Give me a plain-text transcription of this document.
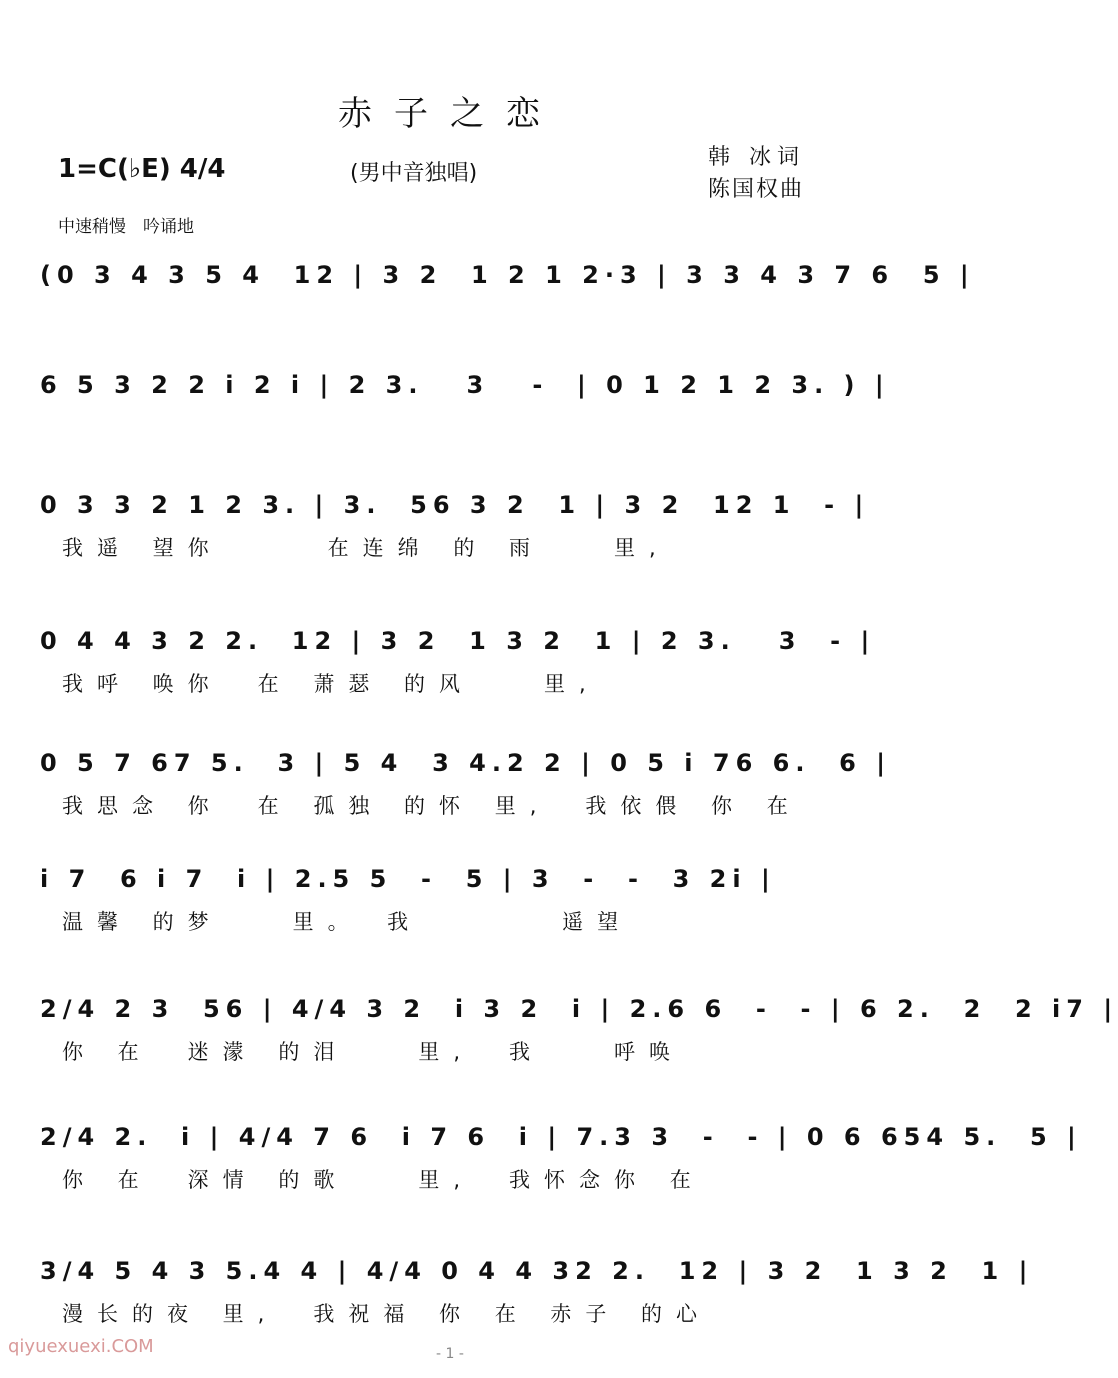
赤子之恋
1=C(♭E) 4/4	(男中音独唱)
韩 冰词
陈国权曲
中速稍慢　吟诵地
(0 3 4 3 5 4  12 | 3 2  1 2 1 2·3 | 3 3 4 3 7 6  5 |
6 5 3 2 2 i 2 i | 2 3.   3   -  | 0 1 2 1 2 3. ) |
0 3 3 2 1 2 3. | 3.  56 3 2  1 | 3 2  12 1  - |
我遥 望你　　　在连绵 的 雨　　里,
0 4 4 3 2 2.  12 | 3 2  1 3 2  1 | 2 3.   3  - |
我呼 唤你　在 萧瑟 的风　　里,
0 5 7 67 5.  3 | 5 4  3 4.2 2 | 0 5 i 76 6.  6 |
我思念 你　在 孤独 的怀 里,　我依偎 你 在
i 7  6 i 7  i | 2.5 5  -  5 | 3  -  -  3 2i |
温馨 的梦　　里。　我　　　　遥望
2/4 2 3  56 | 4/4 3 2  i 3 2  i | 2.6 6  -  - | 6 2.  2  2 i7 |
你 在　迷濛 的泪　　里,　我　　呼唤
2/4 2.  i | 4/4 7 6  i 7 6  i | 7.3 3  -  - | 0 6 654 5.  5 |
你 在　深情 的歌　　里,　我怀念你 在
3/4 5 4 3 5.4 4 | 4/4 0 4 4 32 2.  12 | 3 2  1 3 2  1 |
漫长的夜 里,　我祝福 你 在 赤子 的心
qiyuexuexi.COM	- 1 -
